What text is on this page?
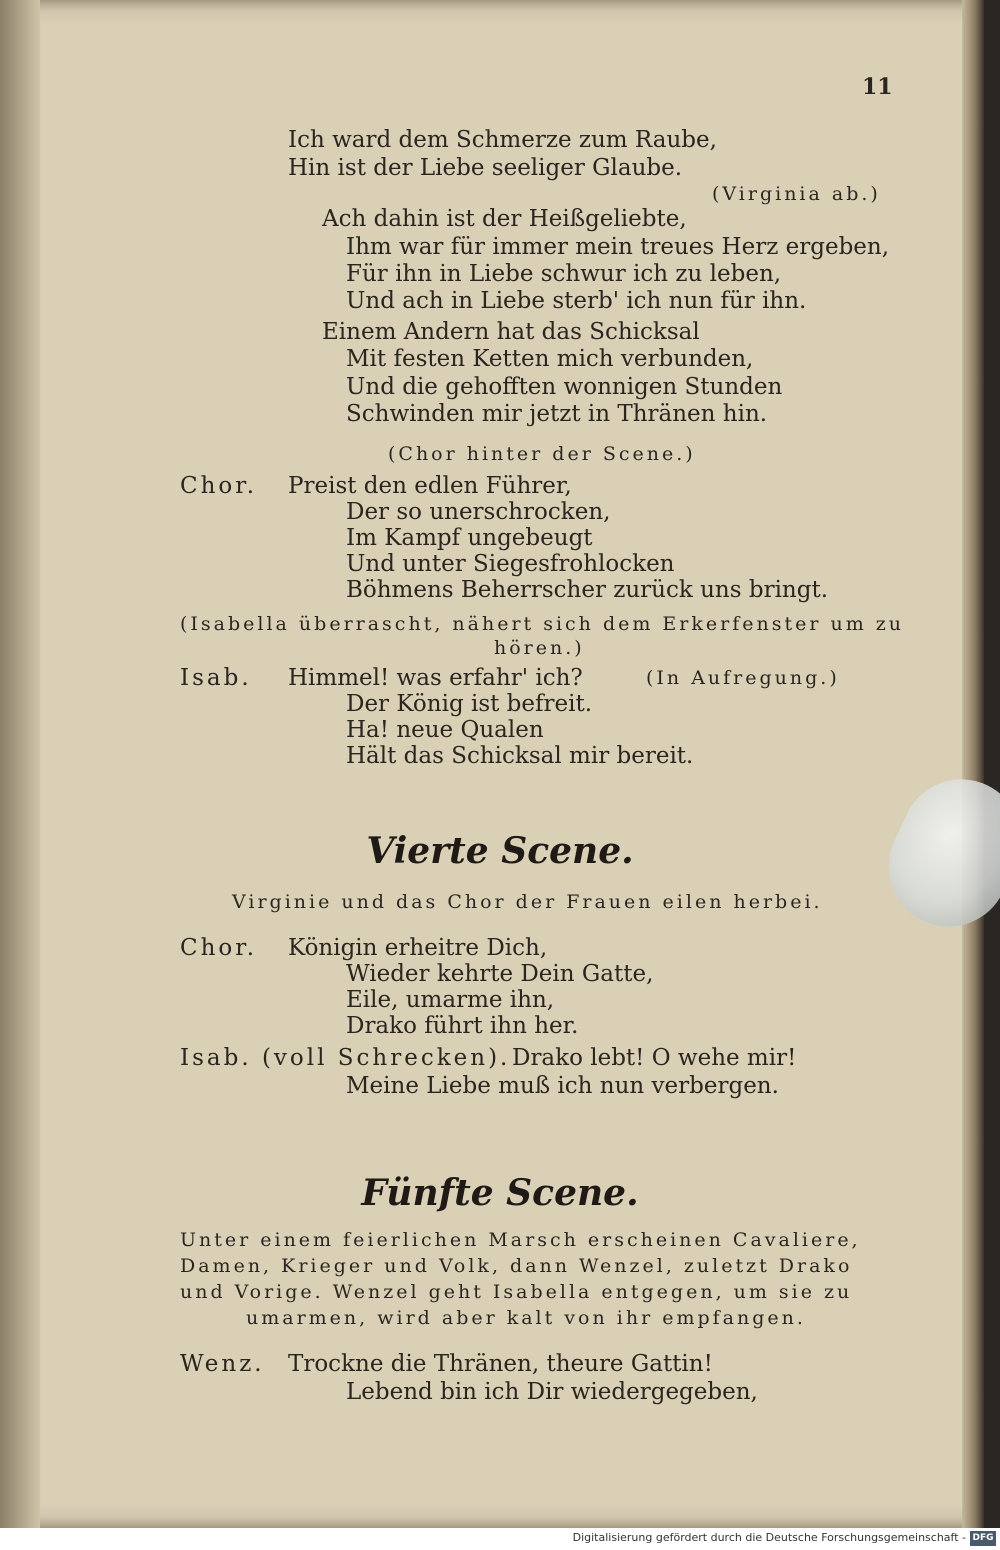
11
Ich ward dem Schmerze zum Raube,
Hin ist der Liebe seeliger Glaube.
(Virginia ab.)
Ach dahin ist der Heißgeliebte,
Ihm war für immer mein treues Herz ergeben,
Für ihn in Liebe schwur ich zu leben,
Und ach in Liebe sterb' ich nun für ihn.
Einem Andern hat das Schicksal
Mit festen Ketten mich verbunden,
Und die gehofften wonnigen Stunden
Schwinden mir jetzt in Thränen hin.
(Chor hinter der Scene.)
Chor. Preist den edlen Führer,
Der so unerschrocken,
Im Kampf ungebeugt
Und unter Siegesfrohlocken
Böhmens Beherrscher zurück uns bringt.
(Isabella überrascht, nähert sich dem Erkerfenster um zu
hören.)
Isab. Himmel! was erfahr' ich?	(In Aufregung.)
Der König ist befreit.
Ha! neue Qualen
Hält das Schicksal mir bereit.
Vierte Scene.
Virginie und das Chor der Frauen eilen herbei.
Chor. Königin erheitre Dich,
Wieder kehrte Dein Gatte,
Eile, umarme ihn,
Drako führt ihn her.
Isab. (voll Schrecken). Drako lebt! O wehe mir!
Meine Liebe muß ich nun verbergen.
Fünfte Scene.
Unter einem feierlichen Marsch erscheinen Cavaliere,
Damen, Krieger und Volk, dann Wenzel, zuletzt Drako
und Vorige. Wenzel geht Isabella entgegen, um sie zu
umarmen, wird aber kalt von ihr empfangen.
Wenz. Trockne die Thränen, theure Gattin!
Lebend bin ich Dir wiedergegeben,
Digitalisierung gefördert durch die Deutsche Forschungsgemeinschaft - DFG
